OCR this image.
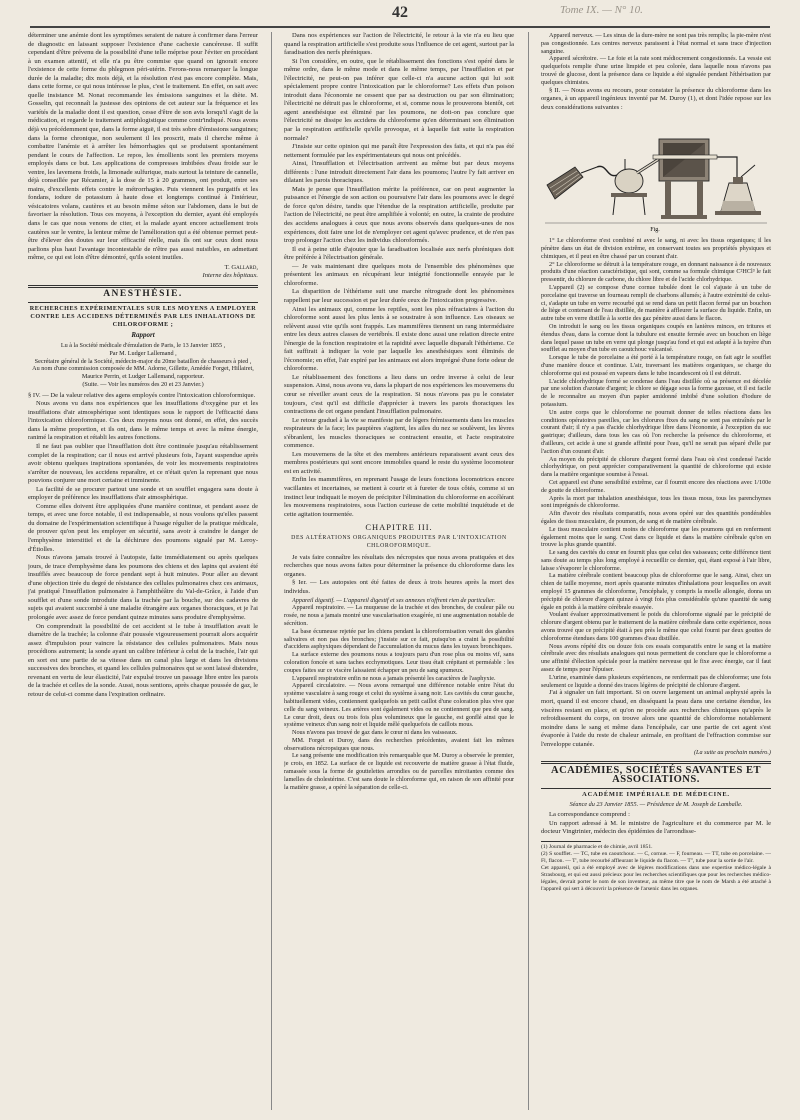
42	Tome IX. — N° 10.

déterminer une anémie dont les symptômes seraient de nature à confirmer dans l'erreur de diagnostic en laissant supposer l'existence d'une cachexie cancéreuse. Il suffit cependant d'être prévenu de la possibilité d'une telle méprise pour l'éviter en procédant à un examen attentif, et elle n'a pu être commise que quand on ignorait encore l'existence de cette forme du phlegmon péri-utérin. Ferons-nous remarquer la longue durée de la maladie; dix mois déjà, et la résolution n'est pas encore complète. Mais, dans cette forme, ce qui nous intéresse le plus, c'est le traitement. En effet, on sait avec quelle insistance M. Nonat recommande les émissions sanguines et la diète. M. Gosselin, qui reconnaît la justesse des opinions de cet auteur sur la fréquence et les variétés de la maladie dont il est question, cesse d'être de son avis lorsqu'il s'agit de la médication, et regarde le traitement antiphlogistique comme contr'indiqué. Nous avons déjà vu précédemment que, dans la forme aiguë, il est très sobre d'émissions sanguines; dans la forme chronique, non seulement il les proscrit, mais il cherche même à combattre l'anémie et à arrêter les hémorrhagies qui se produisent spontanément pendant le cours de l'affection. Le repos, les émollients sont les premiers moyens employés dans ce but. Les applications de compresses imbibées d'eau froide sur le ventre, les lavemens froids, la limonade sulfurique, mais surtout la teinture de cannelle, déjà conseillée par Récamier, à la dose de 15 à 20 grammes, ont produit, entre ses mains, d'excellents effets contre le métrorrhagies. Puis viennent les purgatifs et les fondans, iodure de potassium à haute dose et longtemps continué à l'intérieur, vésicatoires volans, cautères et au besoin même séton sur l'abdomen, dans le but de favoriser la résolution. Tous ces moyens, à l'exception du dernier, ayant été employés dans le cas que nous venons de citer, et la malade ayant encore actuellement trois cautères sur le ventre, la lenteur même de l'amélioration qui a été obtenue permet peut-être d'élever des doutes sur leur efficacité réelle, mais ils ont sur ceux dont nous parlions plus haut l'avantage incontestable de n'être pas aussi nuisibles, en admettant même, ce qui est loin d'être démontré, qu'ils soient inutiles.

T. Gallard,
Interne des hôpitaux.
ANESTHÉSIE.
RECHERCHES EXPÉRIMENTALES SUR LES MOYENS A EMPLOYER CONTRE LES ACCIDENS DÉTERMINÉS PAR LES INHALATIONS DE CHLOROFORME ;
Rapport
Lu à la Société médicale d'émulation de Paris, le 13 Janvier 1855 ,
Par M. Ludger Lallemand ,
Secrétaire général de la Société, médecin-major du 20me bataillon de chasseurs à pied ,
Au nom d'une commission composée de MM. Adorne, Gillette, Amédée Forget, Hillairet, Maurice Perrin, et Ludger Lallemand, rapporteur.
(Suite. — Voir les numéros des 20 et 23 Janvier.)

§ IV. — De la valeur relative des agens employés contre l'intoxication chloroformique.

Nous avons vu dans nos expériences que les insufflations d'oxygène pur et les insufflations d'air atmosphérique sont identiques sous le rapport de l'efficacité dans l'intoxication chloroformique. Ces deux moyens nous ont donné, en effet, des succès dans la même proportion, et ils ont, dans le même temps et avec la même énergie, ranimé la respiration et rétabli les autres fonctions.

Il ne faut pas oublier que l'insufflation doit être continuée jusqu'au rétablissement complet de la respiration; car il nous est arrivé plusieurs fois, l'ayant suspendue après avoir obtenu quelques inspirations spontanées, de voir les mouvements respiratoires s'arrêter de nouveau, les accidens reparaître, et ce n'était qu'en la reprenant que nous pouvions conjurer une mort certaine et imminente.

La facilité de se procurer partout une sonde et un soufflet engagera sans doute à employer de préférence les insufflations d'air atmosphérique.

Comme elles doivent être appliquées d'une manière continue, et pendant assez de temps, et avec une force notable, il est indispensable, si nous voulons qu'elles passent du domaine de l'expérimentation scientifique à l'usage régulier de la pratique médicale, de prouver qu'on peut les employer en sécurité, sans avoir à craindre le danger de l'emphysème interstitiel et de la déchirure des poumons signalé par M. Leroy-d'Étiolles.

Nous n'avons jamais trouvé à l'autopsie, faite immédiatement ou après quelques jours, de trace d'emphysème dans les poumons des chiens et des lapins qui avaient été insufflés avec beaucoup de force pendant sept à huit minutes. Pour aller au devant d'une objection tirée du degré de résistance des cellules pulmonaires chez ces animaux, j'ai pratiqué l'insufflation pulmonaire à l'amphithéâtre du Val-de-Grâce, à l'aide d'un soufflet et d'une sonde introduite dans la trachée par la bouche, sur des cadavres de sujets qui avaient succombé à une maladie étrangère aux organes thoraciques, et je l'ai prolongée avec assez de force pendant quinze minutes sans produire d'emphysème.

On comprendrait la possibilité de cet accident si le tube à insufflation avait le diamètre de la trachée; la colonne d'air poussée vigoureusement pourrait alors acquérir assez d'impulsion pour vaincre la résistance des cellules pulmonaires. Mais nous procédions autrement; la sonde ayant un calibre inférieur à celui de la trachée, l'air qui en sort est une partie de sa vitesse dans un canal plus large et dans les divisions successives des bronches, et quand les cellules pulmonaires qui se sont laissé distendre, revenant en vertu de leur élasticité, l'air expulsé trouve un passage libre entre les parois de la trachée et celles de la sonde. Aussi, nous sentions, après chaque poussée de gaz, le retour de celui-ci comme dans l'expiration ordinaire.

Dans nos expériences sur l'action de l'électricité, le retour à la vie n'a eu lieu que quand la respiration artificielle s'est produite sous l'influence de cet agent, surtout par la faradisation des nerfs phréniques.

Si l'on considère, en outre, que le rétablissement des fonctions s'est opéré dans le même ordre, dans le même mode et dans le même temps, par l'insufflation et par l'électricité, ne peut-on pas inférer que celle-ci n'a aucune action qui lui soit spécialement propre contre l'intoxication par le chloroforme? Les effets d'un poison introduit dans l'économie ne cessent que par sa destruction ou par son élimination; l'électricité ne détruit pas le chloroforme, et si, comme nous le prouverons bientôt, cet agent anesthésique est éliminé par les poumons, ne doit-on pas conclure que l'électricité ne dissipe les accidens du chloroforme qu'en déterminant son élimination par la respiration artificielle qu'elle provoque, et à laquelle fait suite la respiration normale?

J'insiste sur cette opinion qui me paraît être l'expression des faits, et qui n'a pas été nettement formulée par les expérimentateurs qui nous ont précédés.

Ainsi, l'insufflation et l'électrisation arrivent au même but par deux moyens différents : l'une introduit directement l'air dans les poumons; l'autre l'y fait arriver en dilatant les parois thoraciques.

Mais je pense que l'insufflation mérite la préférence, car on peut augmenter la puissance et l'énergie de son action ou poursuivre l'air dans les poumons avec le degré de force qu'on désire, tandis que l'étendue de la respiration artificielle, produite par l'action de l'électricité, ne peut être amplifiée à volonté; en outre, la crainte de produire des accidens analogues à ceux que nous avons observés dans quelques-unes de nos expériences, doit faire une loi de n'employer cet agent qu'avec prudence, et de n'en pas trop prolonger l'action chez les individus chloroformés.

Il est à peine utile d'ajouter que la faradisation localisée aux nerfs phréniques doit être préférée à l'électrisation générale.

— Je vais maintenant dire quelques mots de l'ensemble des phénomènes que présentent les animaux en récupérant leur intégrité fonctionnelle enrayée par le chloroforme.

La disparition de l'éthérisme suit une marche rétrograde dont les phénomènes rappellent par leur succession et par leur durée ceux de l'intoxication progressive.

Ainsi les animaux qui, comme les reptiles, sont les plus réfractaires à l'action du chloroforme sont aussi les plus lents à se soustraire à son influence. Les oiseaux se relèvent aussi vite qu'ils sont frappés. Les mammifères tiennent un rang intermédiaire entre les deux autres classes de vertébrés. Il existe donc aussi une relation directe entre l'énergie de la fonction respiratoire et la rapidité avec laquelle disparaît l'éthérisme. Ce fait suffirait à indiquer la voie par laquelle les anesthésiques sont éliminés de l'économie; en effet, l'air expiré par les animaux est alors imprégné d'une forte odeur de chloroforme.

Le rétablissement des fonctions a lieu dans un ordre inverse à celui de leur suspension. Ainsi, nous avons vu, dans la plupart de nos expériences les mouvemens du cœur se réveiller avant ceux de la respiration. Si nous n'avons pas pu le constater toujours, c'est qu'il est difficile d'apprécier à travers les parois thoraciques les contractions de cet organe pendant l'insufflation pulmonaire.

Le retour graduel à la vie se manifeste par de légers frémissements dans les muscles respirateurs de la face; les paupières s'agitent, les ailes du nez se soulèvent, les lèvres s'ébranlent, les muscles thoraciques se contractent ensuite, et l'acte respiratoire commence.

Les mouvemens de la tête et des membres antérieurs reparaissent avant ceux des membres postérieurs qui sont encore immobiles quand le reste du système locomoteur est en activité.

Enfin les mammifères, en reprenant l'usage de leurs fonctions locomotrices encore vacillantes et incertaines, se mettent à courir et à fureter de tous côtés, comme si un instinct leur indiquait le moyen de précipiter l'élimination du chloroforme en accélérant les mouvemens respiratoires, sous l'action curieuse de cette mobilité inquiétude et de cette agitation tourmentée.

CHAPITRE III.
DES ALTÉRATIONS ORGANIQUES PRODUITES PAR L'INTOXICATION CHLOROFORMIQUE.

Je vais faire connaître les résultats des nécropsies que nous avons pratiquées et des recherches que nous avons faites pour déterminer la présence du chloroforme dans les organes.

§ Ier. — Les autopsies ont été faites de deux à trois heures après la mort des individus.

Appareil digestif. — L'appareil digestif et ses annexes n'offrent rien de particulier.

Appareil respiratoire. — La muqueuse de la trachée et des bronches, de couleur pâle ou rosée, ne nous a jamais montré une vascularisation exagérée, ni une augmentation notable de sécrétion.

La base écumeuse rejetée par les chiens pendant la chloroformisation venait des glandes salivaires et non pas des bronches; j'insiste sur ce fait, puisqu'on a craint la possibilité d'accidens asphyxiques dépendant de l'accumulation du mucus dans les tuyaux bronchiques.

La surface externe des poumons nous a toujours paru d'un rose plus ou moins vif, sans coloration foncée et sans taches ecchymotiques. Leur tissu était crépitant et perméable : les coupes faites sur ce viscère laissaient échapper un peu de sang spumeux.

L'appareil respiratoire enfin ne nous a jamais présenté les caractères de l'asphyxie.

Appareil circulatoire. — Nous avons remarqué une différence notable entre l'état du système vasculaire à sang rouge et celui du système à sang noir. Les cavités du cœur gauche, habituellement vides, contiennent quelquefois un petit caillot d'une coloration plus vive que celle du sang veineux. Les artères sont également vides ou ne contiennent que peu de sang. Le cœur droit, deux ou trois fois plus volumineux que le gauche, est gonflé ainsi que le système veineux d'un sang noir et liquide mêlé quelquefois de caillots mous.

Nous n'avons pas trouvé de gaz dans le cœur ni dans les vaisseaux.

MM. Forget et Duroy, dans des recherches précédentes, avaient fait les mêmes observations nécropsiques que nous.

Le sang présente une modification très remarquable que M. Duroy a observée le premier, je crois, en 1852. La surface de ce liquide est recouverte de matière grasse à l'état fluide, ramassée sous la forme de gouttelettes arrondies ou de parcelles miroitantes comme des lamelles de cholestérine. C'est sans doute le chloroforme qui, en raison de son affinité pour la matière grasse, a opéré la séparation de celle-ci.

Appareil nerveux. — Les sinus de la dure-mère ne sont pas très remplis; la pie-mère n'est pas congestionnée. Les centres nerveux paraissent à l'état normal et sans trace d'injection sanguine.

Appareil sécrétoire. — Le foie et la rate sont médiocrement congestionnés. La vessie est quelquefois remplie d'une urine limpide et peu colorée, dans laquelle nous n'avons pas trouvé de glucose, dont la présence dans ce liquide a été signalée pendant l'éthérisation par quelques chimistes.

§ II. — Nous avons eu recours, pour constater la présence du chloroforme dans les organes, à un appareil ingénieux inventé par M. Duroy (1), et dont l'idée repose sur les deux considérations suivantes :

Fig.

1° Le chloroforme n'est combiné ni avec le sang, ni avec les tissus organiques; il les pénètre dans un état de division extrême, en conservant toutes ses propriétés physiques et chimiques, et il peut en être chassé par un courant d'air.

2° Le chloroforme se détruit à la température rouge, en donnant naissance à de nouveaux produits d'une réaction caractéristique, qui sont, comme sa formule chimique C²HCl³ le fait pressentir, du chlorure de carbone, du chlore libre et de l'acide chlorhydrique.

L'appareil (2) se compose d'une cornue tubulée dont le col s'ajuste à un tube de porcelaine qui traverse un fourneau rempli de charbons allumés; à l'autre extrémité de celui-ci, s'adapte un tube en verre recourbé qui se rend dans un petit flacon fermé par un bouchon de liège et contenant de l'eau distillée, de manière à affleurer la surface du liquide. Enfin, un autre tube en verre distille à la sortie des gaz pénètre aussi dans le flacon.

On introduit le sang ou les tissus organiques coupés en lanières minces, en tritures et étendus d'eau, dans la cornue dont la tubulure est ensuite fermée avec un bouchon en liège dans lequel passe un tube en verre qui plonge jusqu'au fond et qui est adapté à la tuyère d'un soufflet au moyen d'un tube en caoutchouc vulcanisé.

Lorsque le tube de porcelaine a été porté à la température rouge, on fait agir le soufflet d'une manière douce et continue. L'air, traversant les matières organiques, se charge du chloroforme qui est poussé en vapeurs dans le tube incandescent où il est détruit.

L'acide chlorhydrique formé se condense dans l'eau distillée où sa présence est décelée par une solution d'azotate d'argent; le chlore se dégage sous la forme gazeuse, et il est facile de le reconnaître au moyen d'un papier amidonné imbibé d'une solution d'iodure de potassium.

Un autre corps que le chloroforme ne pourrait donner de telles réactions dans les conditions opératoires pareilles, car les chlorures fixes du sang ne sont pas entraînés par le courant d'air; il n'y a pas d'acide chlorhydrique libre dans l'économie, à l'exception du suc gastrique; d'ailleurs, dans tous les cas où l'on recherche la présence du chloroforme, et d'ailleurs, cet acide à une si grande affinité pour l'eau, qu'il ne serait pas séparé d'elle par l'action d'un courant d'air.

Au moyen du précipité de chlorure d'argent formé dans l'eau où s'est condensé l'acide chlorhydrique, on peut apprécier comparativement la quantité de chloroforme qui existe dans la matière organique soumise à l'essai.

Cet appareil est d'une sensibilité extrême, car il fournit encore des réactions avec 1/100e de goutte de chloroforme.

Après la mort par inhalation anesthésique, tous les tissus mous, tous les parenchymes sont imprégnés de chloroforme.

Afin d'avoir des résultats comparatifs, nous avons opéré sur des quantités pondérables égales de tissu musculaire, de poumon, de sang et de matière cérébrale.

Le tissu musculaire contient moins de chloroforme que les poumons qui en renferment également moins que le sang. C'est dans ce liquide et dans la matière cérébrale qu'on en trouve la plus grande quantité.

Le sang des cavités du cœur en fournit plus que celui des vaisseaux; cette différence tient sans doute au temps plus long employé à recueillir ce dernier, qui, étant exposé à l'air libre, laisse s'évaporer le chloroforme.

La matière cérébrale contient beaucoup plus de chloroforme que le sang. Ainsi, chez un chien de taille moyenne, mort après quarante minutes d'inhalations pour lesquelles on avait employé 15 grammes de chloroforme, l'encéphale, y compris la moelle allongée, donna un précipité de chlorure d'argent quinze à vingt fois plus considérable qu'une quantité de sang égale en poids à la matière cérébrale essayée.

Voulant évaluer approximativement le poids du chloroforme signalé par le précipité de chlorure d'argent obtenu par le traitement de la matière cérébrale dans cette expérience, nous avons trouvé que ce précipité était à peu près le même que celui fourni par deux gouttes de chloroforme étendues dans 100 grammes d'eau distillée.

Nous avons répété dix ou douze fois ces essais comparatifs entre le sang et la matière cérébrale avec des résultats analogues qui nous permettent de conclure que le chloroforme a une affinité d'élection spéciale pour la matière nerveuse qui le fixe avec énergie, car il faut assez de temps pour l'épuiser.

L'urine, examinée dans plusieurs expériences, ne renfermait pas de chloroforme; une fois seulement ce liquide a donné des traces légères de précipité de chlorure d'argent.

J'ai à signaler un fait important. Si on ouvre largement un animal asphyxié après la mort, quand il est encore chaud, en disséquant la peau dans une certaine étendue, les viscères restant en place, et qu'on ne procède aux recherches chimiques qu'après le refroidissement du corps, on trouve alors une quantité de chloroforme notablement moindre dans le sang et même dans l'encéphale, car une partie de cet agent s'est évaporée à l'aide du reste de chaleur animale, en profitant de l'effraction commise sur l'enveloppe cutanée.

(La suite au prochain numéro.)
ACADÉMIES, SOCIÉTÉS SAVANTES ET ASSOCIATIONS.
ACADÉMIE IMPÉRIALE DE MÉDECINE.
Séance du 23 Janvier 1855. — Présidence de M. Joseph de Lamballe.

La correspondance comprend :

Un rapport adressé à M. le ministre de l'agriculture et du commerce par M. le docteur Vingtrinier, médecin des épidémies de l'arrondisse-

(1) Journal de pharmacie et de chimie, avril 1851.

(2) S soufflet. — TC, tube en caoutchouc. — C, cornue. — F, fourneau. — TT, tube en porcelaine. — Fl, flacon. — T', tube recourbé affleurant le liquide du flacon. — T'', tube pour la sortie de l'air.

Cet appareil, qui a été employé avec de légères modifications dans une expertise médico-légale à Strasbourg, et qui est aussi précieux pour les recherches scientifiques que pour les recherches médico-légales, devrait porter le nom de son inventeur, au même titre que le nom de Marsh a été attaché à l'appareil qui sert à découvrir la présence de l'arsenic dans les organes.
